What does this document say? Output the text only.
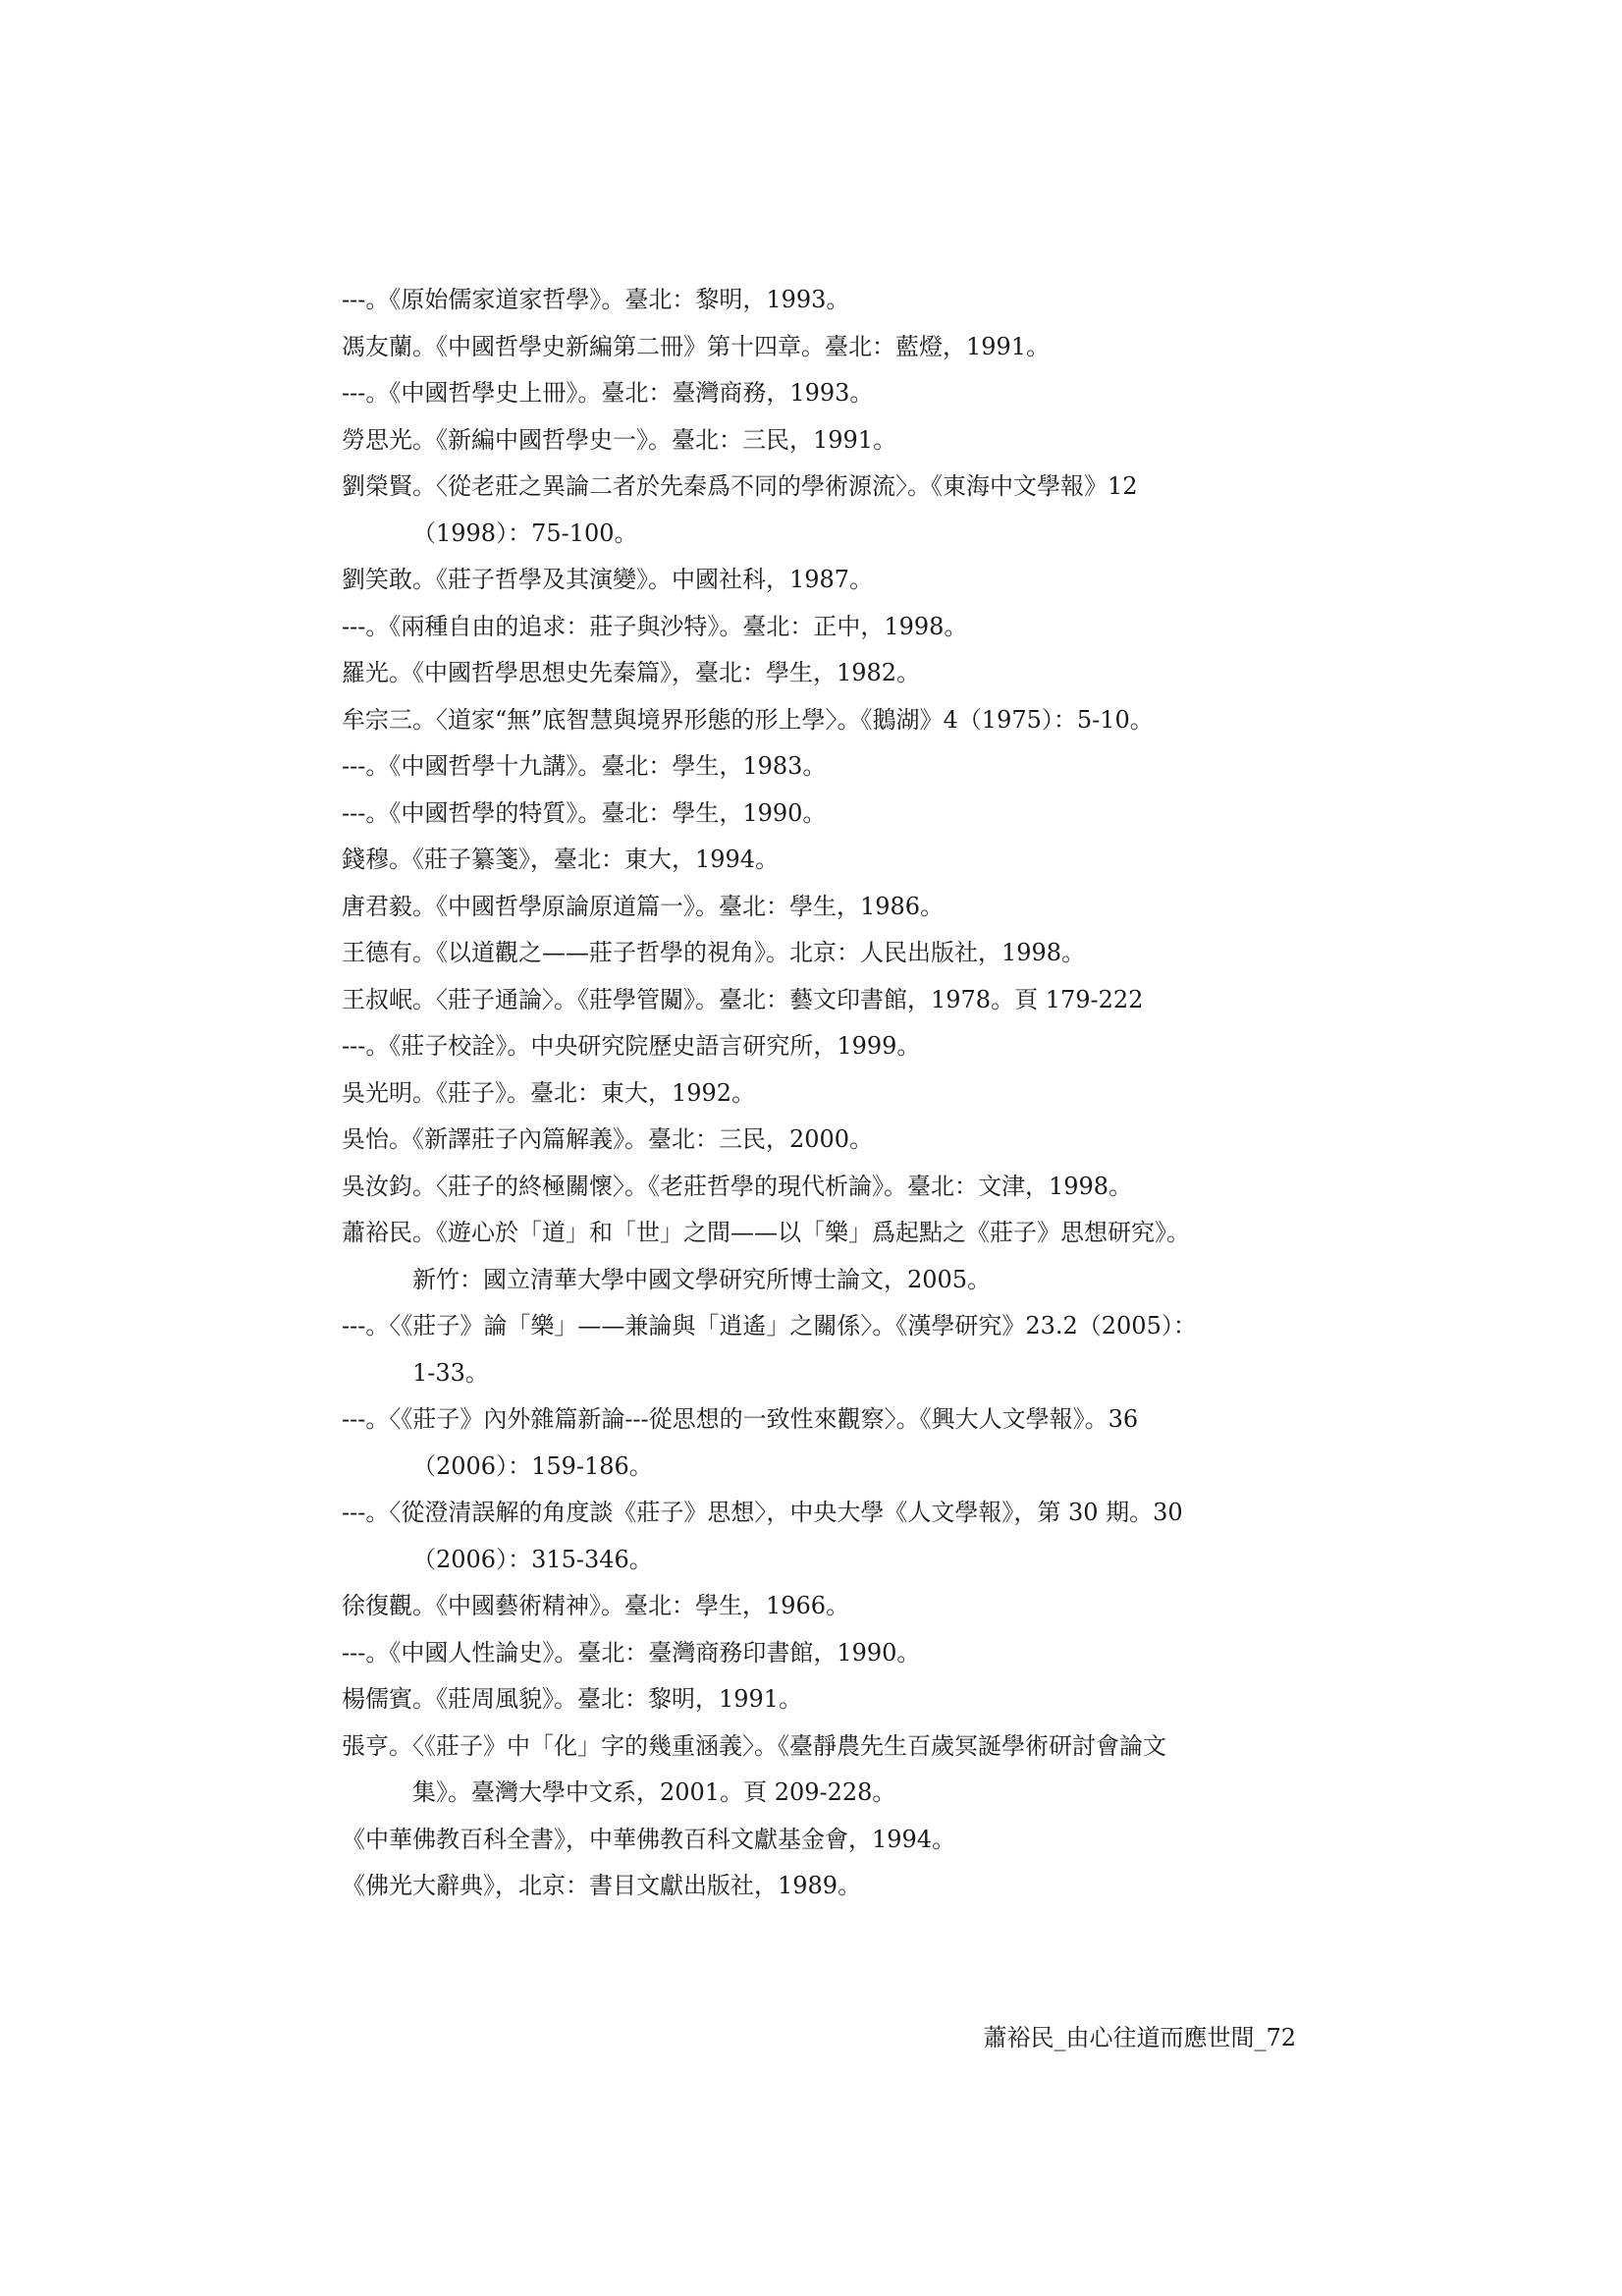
---。《原始儒家道家哲學》。臺北：黎明，1993。
馮友蘭。《中國哲學史新編第二冊》第十四章。臺北：藍燈，1991。
---。《中國哲學史上冊》。臺北：臺灣商務，1993。
勞思光。《新編中國哲學史一》。臺北：三民，1991。
劉榮賢。〈從老莊之異論二者於先秦爲不同的學術源流〉。《東海中文學報》12
（1998）：75-100。
劉笑敢。《莊子哲學及其演變》。中國社科，1987。
---。《兩種自由的追求：莊子與沙特》。臺北：正中，1998。
羅光。《中國哲學思想史先秦篇》，臺北：學生，1982。
牟宗三。〈道家“無”底智慧與境界形態的形上學〉。《鵝湖》4（1975）：5-10。
---。《中國哲學十九講》。臺北：學生，1983。
---。《中國哲學的特質》。臺北：學生，1990。
錢穆。《莊子纂箋》，臺北：東大，1994。
唐君毅。《中國哲學原論原道篇一》。臺北：學生，1986。
王德有。《以道觀之——莊子哲學的視角》。北京：人民出版社，1998。
王叔岷。〈莊子通論〉。《莊學管闚》。臺北：藝文印書館，1978。頁 179-222
---。《莊子校詮》。中央研究院歷史語言研究所，1999。
吳光明。《莊子》。臺北：東大，1992。
吳怡。《新譯莊子內篇解義》。臺北：三民，2000。
吳汝鈞。〈莊子的終極關懷〉。《老莊哲學的現代析論》。臺北：文津，1998。
蕭裕民。《遊心於「道」和「世」之間——以「樂」爲起點之《莊子》思想研究》。
新竹：國立清華大學中國文學研究所博士論文，2005。
---。〈《莊子》論「樂」——兼論與「逍遙」之關係〉。《漢學研究》23.2（2005）：
1-33。
---。〈《莊子》內外雜篇新論---從思想的一致性來觀察〉。《興大人文學報》。36
（2006）：159-186。
---。〈從澄清誤解的角度談《莊子》思想〉，中央大學《人文學報》，第 30 期。30
（2006）：315-346。
徐復觀。《中國藝術精神》。臺北：學生，1966。
---。《中國人性論史》。臺北：臺灣商務印書館，1990。
楊儒賓。《莊周風貌》。臺北：黎明，1991。
張亨。〈《莊子》中「化」字的幾重涵義〉。《臺靜農先生百歲冥誕學術研討會論文
集》。臺灣大學中文系，2001。頁 209-228。
《中華佛教百科全書》，中華佛教百科文獻基金會，1994。
《佛光大辭典》，北京：書目文獻出版社，1989。
蕭裕民_由心往道而應世間_72
